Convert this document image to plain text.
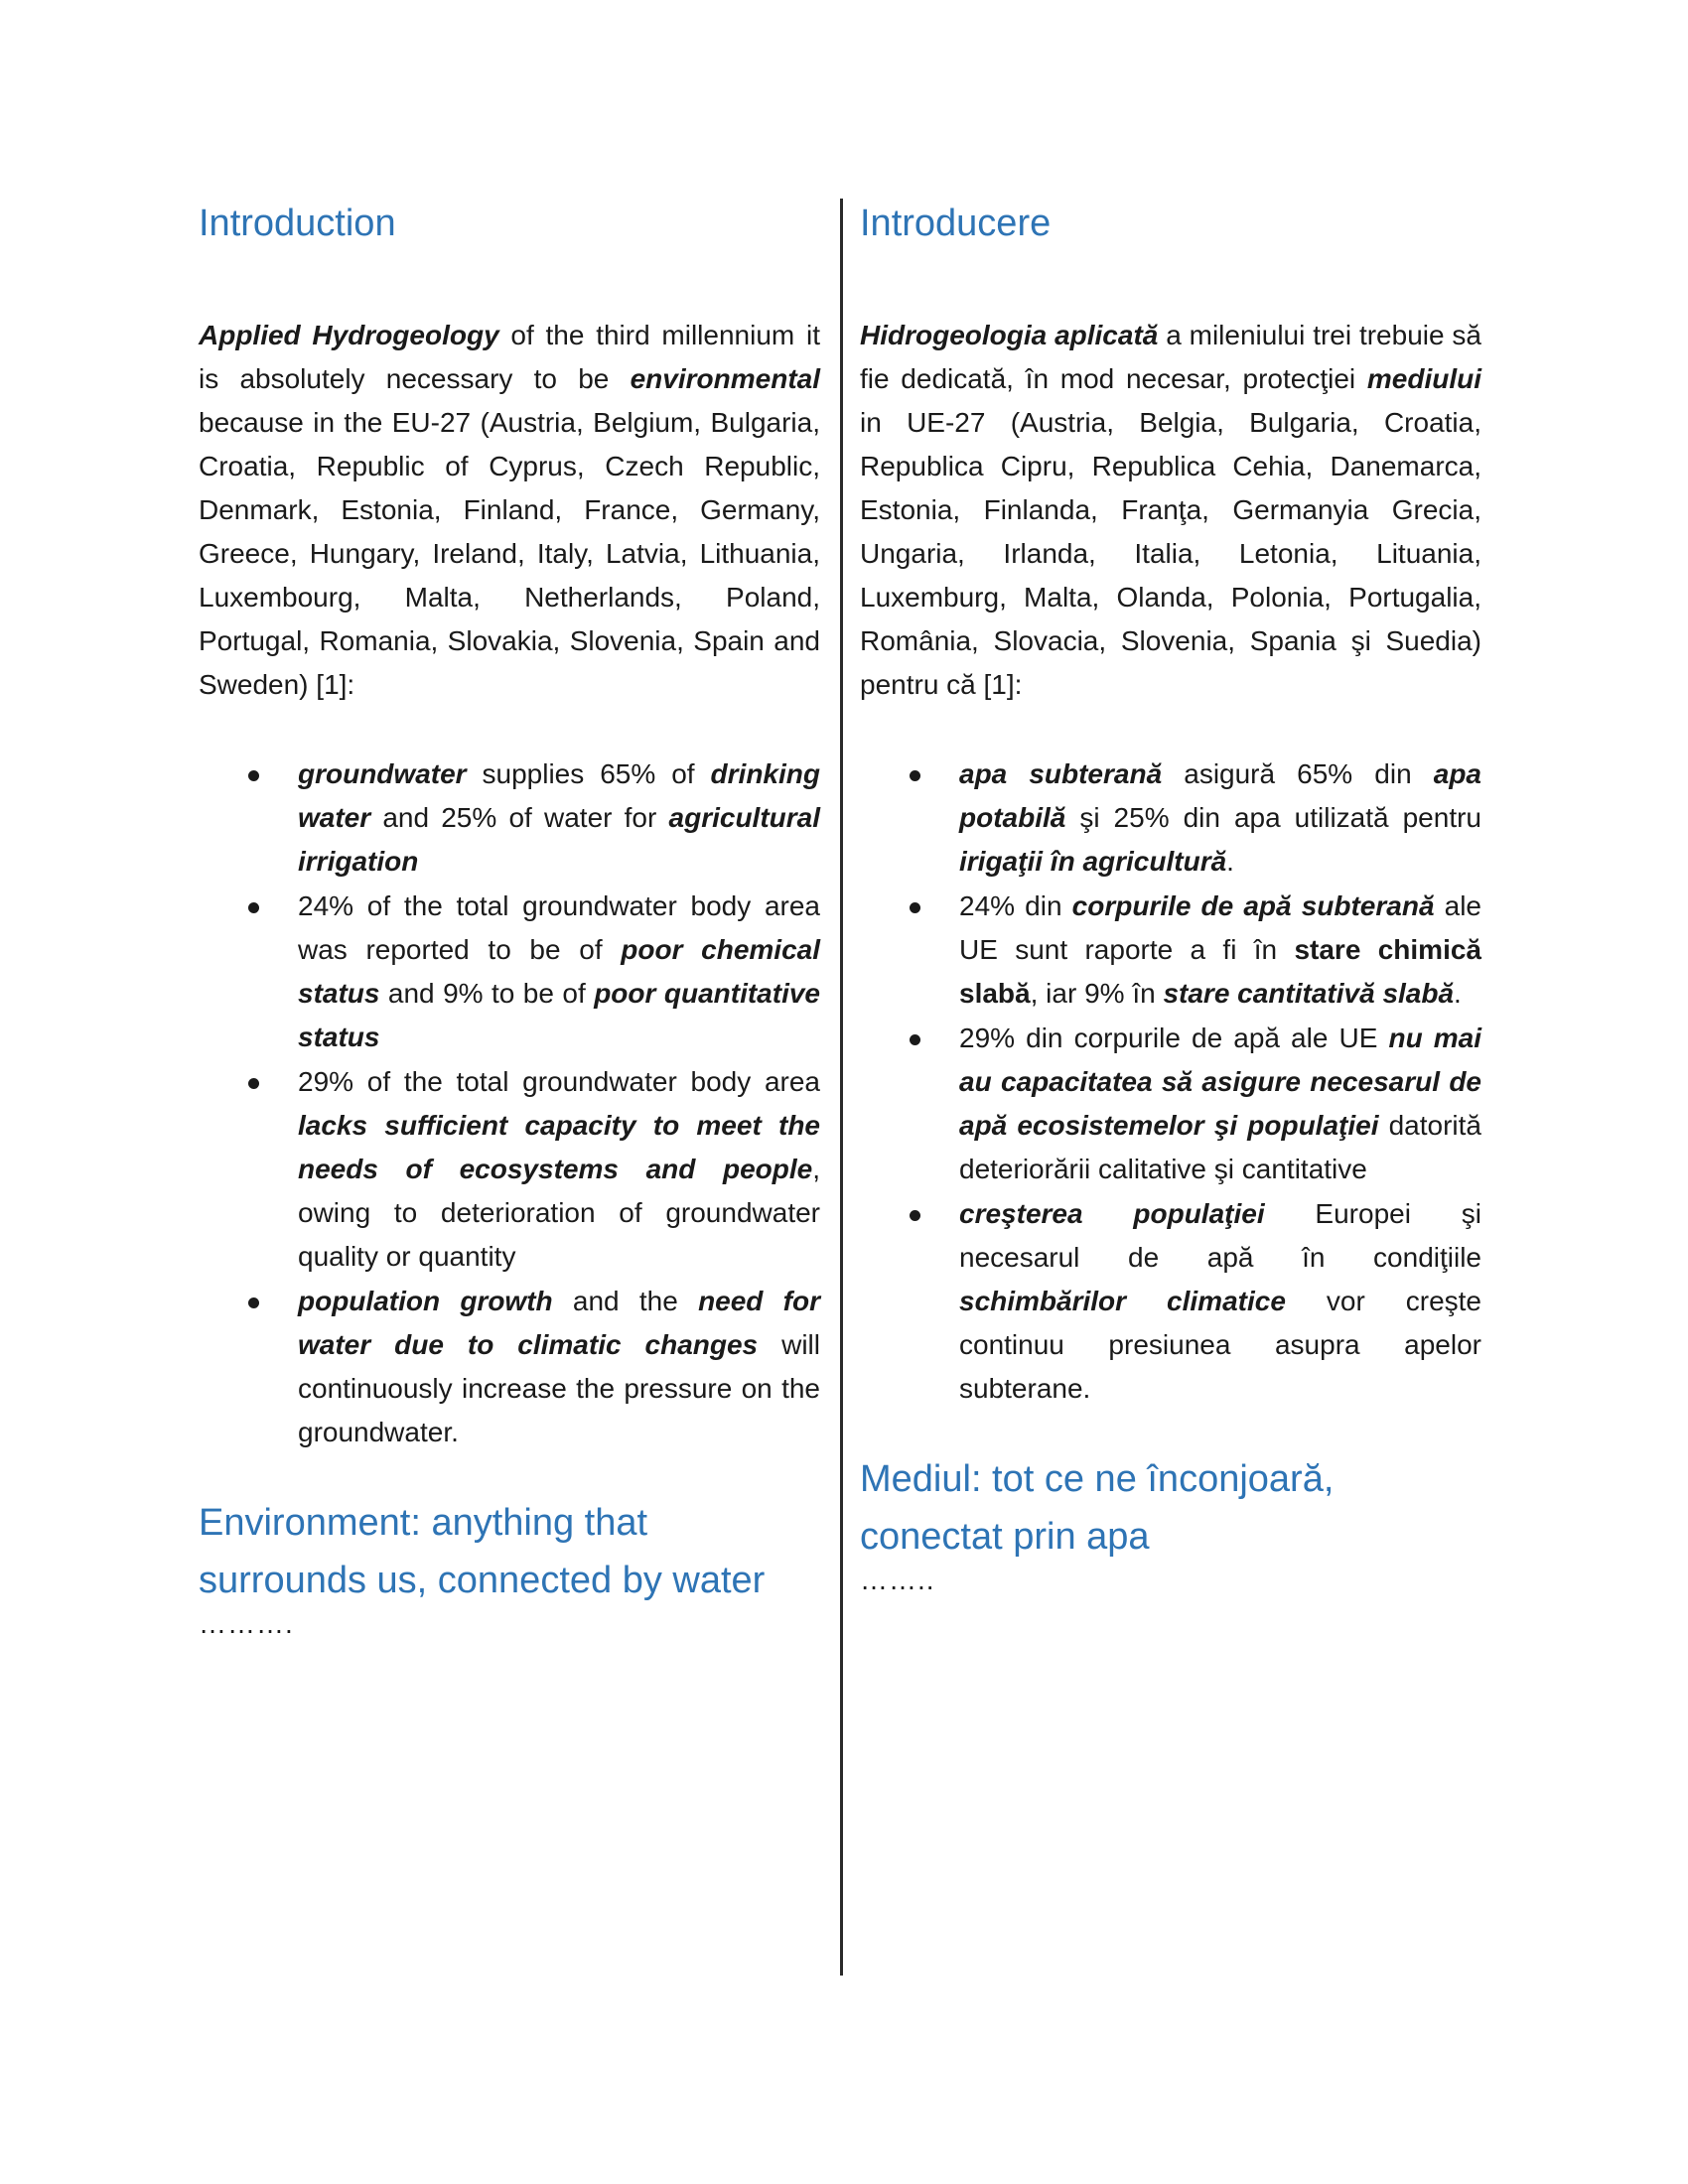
Introduction

Applied Hydrogeology of the third millennium it is absolutely necessary to be environmental because in the EU-27 (Austria, Belgium, Bulgaria, Croatia, Republic of Cyprus, Czech Republic, Denmark, Estonia, Finland, France, Germany, Greece, Hungary, Ireland, Italy, Latvia, Lithuania, Luxembourg, Malta, Netherlands, Poland, Portugal, Romania, Slovakia, Slovenia, Spain and Sweden) [1]:

groundwater supplies 65% of drinking water and 25% of water for agricultural irrigation
24% of the total groundwater body area was reported to be of poor chemical status and 9% to be of poor quantitative status
29% of the total groundwater body area lacks sufficient capacity to meet the needs of ecosystems and people, owing to deterioration of groundwater quality or quantity
population growth and the need for water due to climatic changes will continuously increase the pressure on the groundwater.
Environment: anything that surrounds us, connected by water

……….

Introducere

Hidrogeologia aplicată a mileniului trei trebuie să fie dedicată, în mod necesar, protecţiei mediului in UE-27 (Austria, Belgia, Bulgaria, Croatia, Republica Cipru, Republica Cehia, Danemarca, Estonia, Finlanda, Franţa, Germanyia Grecia, Ungaria, Irlanda, Italia, Letonia, Lituania, Luxemburg, Malta, Olanda, Polonia, Portugalia, România, Slovacia, Slovenia, Spania şi Suedia) pentru că [1]:

apa subterană asigură 65% din apa potabilă şi 25% din apa utilizată pentru irigaţii în agricultură.
24% din corpurile de apă subterană ale UE sunt raporte a fi în stare chimică slabă, iar 9% în stare cantitativă slabă.
29% din corpurile de apă ale UE nu mai au capacitatea să asigure necesarul de apă ecosistemelor şi populaţiei datorită deteriorării calitative şi cantitative
creşterea populaţiei Europei şi necesarul de apă în condiţiile schimbărilor climatice vor creşte continuu presiunea asupra apelor subterane.
Mediul: tot ce ne înconjoară, conectat prin apa

……..
